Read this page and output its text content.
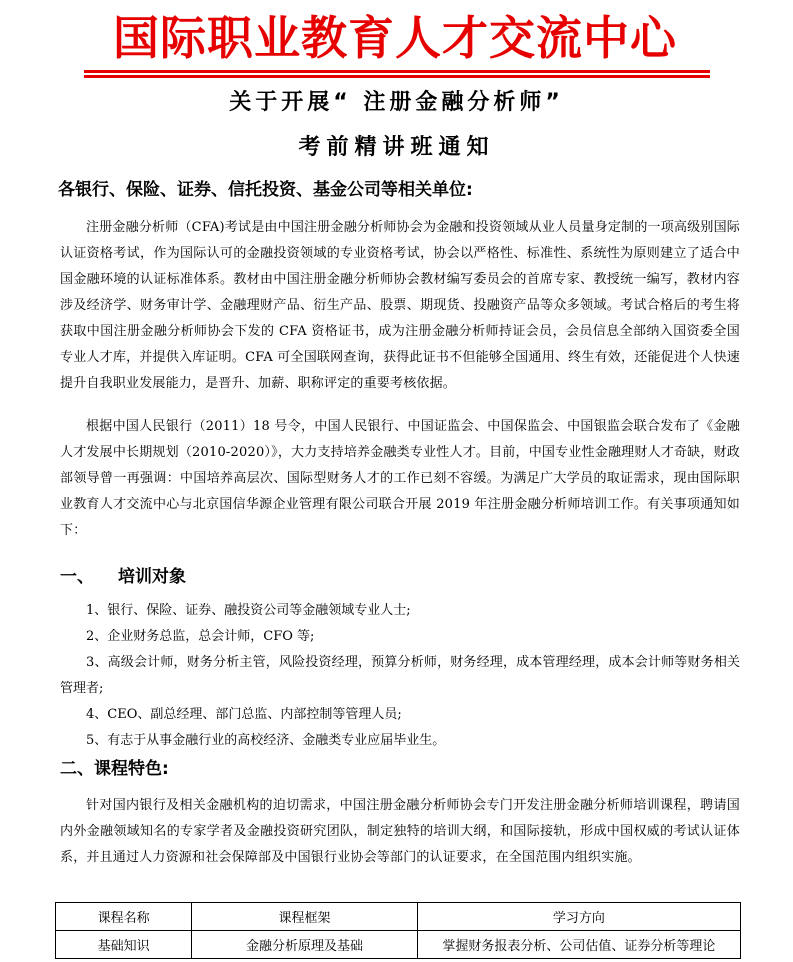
国际职业教育人才交流中心
关于开展“ 注册金融分析师”
考前精讲班通知
各银行、保险、证券、信托投资、基金公司等相关单位:

注册金融分析师（CFA)考试是由中国注册金融分析师协会为金融和投资领域从业人员量身定制的一项高级别国际认证资格考试，作为国际认可的金融投资领域的专业资格考试，协会以严格性、标准性、系统性为原则建立了适合中国金融环境的认证标准体系。教材由中国注册金融分析师协会教材编写委员会的首席专家、教授统一编写，教材内容涉及经济学、财务审计学、金融理财产品、衍生产品、股票、期现货、投融资产品等众多领域。考试合格后的考生将获取中国注册金融分析师协会下发的 CFA 资格证书，成为注册金融分析师持证会员，会员信息全部纳入国资委全国专业人才库，并提供入库证明。CFA 可全国联网查询，获得此证书不但能够全国通用、终生有效，还能促进个人快速提升自我职业发展能力，是晋升、加薪、职称评定的重要考核依据。

根据中国人民银行（2011）18 号令，中国人民银行、中国证监会、中国保监会、中国银监会联合发布了《金融人才发展中长期规划（2010-2020）》，大力支持培养金融类专业性人才。目前，中国专业性金融理财人才奇缺，财政部领导曾一再强调：中国培养高层次、国际型财务人才的工作已刻不容缓。为满足广大学员的取证需求，现由国际职业教育人才交流中心与北京国信华源企业管理有限公司联合开展 2019 年注册金融分析师培训工作。有关事项通知如下：

一、 培训对象

1、银行、保险、证券、融投资公司等金融领域专业人士;

2、企业财务总监，总会计师，CFO 等;

3、高级会计师，财务分析主管，风险投资经理，预算分析师，财务经理，成本管理经理，成本会计师等财务相关管理者;

4、CEO、副总经理、部门总监、内部控制等管理人员;

5、有志于从事金融行业的高校经济、金融类专业应届毕业生。

二、课程特色:

针对国内银行及相关金融机构的迫切需求，中国注册金融分析师协会专门开发注册金融分析师培训课程，聘请国内外金融领域知名的专家学者及金融投资研究团队，制定独特的培训大纲，和国际接轨，形成中国权威的考试认证体系，并且通过人力资源和社会保障部及中国银行业协会等部门的认证要求，在全国范围内组织实施。

课程名称	课程框架	学习方向
基础知识	金融分析原理及基础	掌握财务报表分析、公司估值、证券分析等理论
